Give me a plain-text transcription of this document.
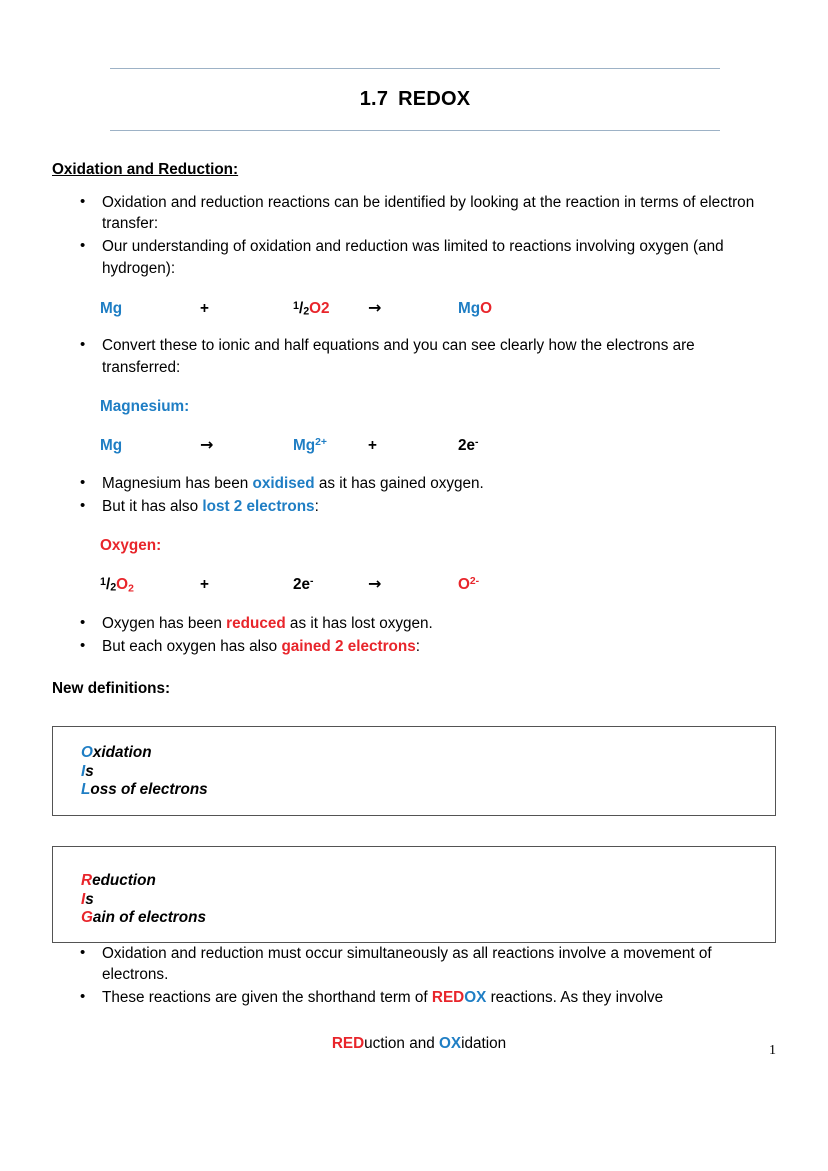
1.7 REDOX
Oxidation and Reduction:
• Oxidation and reduction reactions can be identified by looking at the reaction in terms of electron transfer:
• Our understanding of oxidation and reduction was limited to reactions involving oxygen (and hydrogen):
Mg	+	$^1/_2O2$	→	MgO
• Convert these to ionic and half equations and you can see clearly how the electrons are transferred:
Magnesium:
Mg	→	$Mg^{2+}$	+	2e-
• Magnesium has been oxidised as it has gained oxygen.
• But it has also lost 2 electrons:
Oxygen:
$^1/_2O_2$	+	2e-	→	$O^{2-}$
• Oxygen has been reduced as it has lost oxygen.
• But each oxygen has also gained 2 electrons:
New definitions:
Oxidation
Is
Loss of electrons
Reduction
Is
Gain of electrons
• Oxidation and reduction must occur simultaneously as all reactions involve a movement of electrons.
• These reactions are given the shorthand term of REDOX reactions. As they involve
REDuction and OXidation	1
